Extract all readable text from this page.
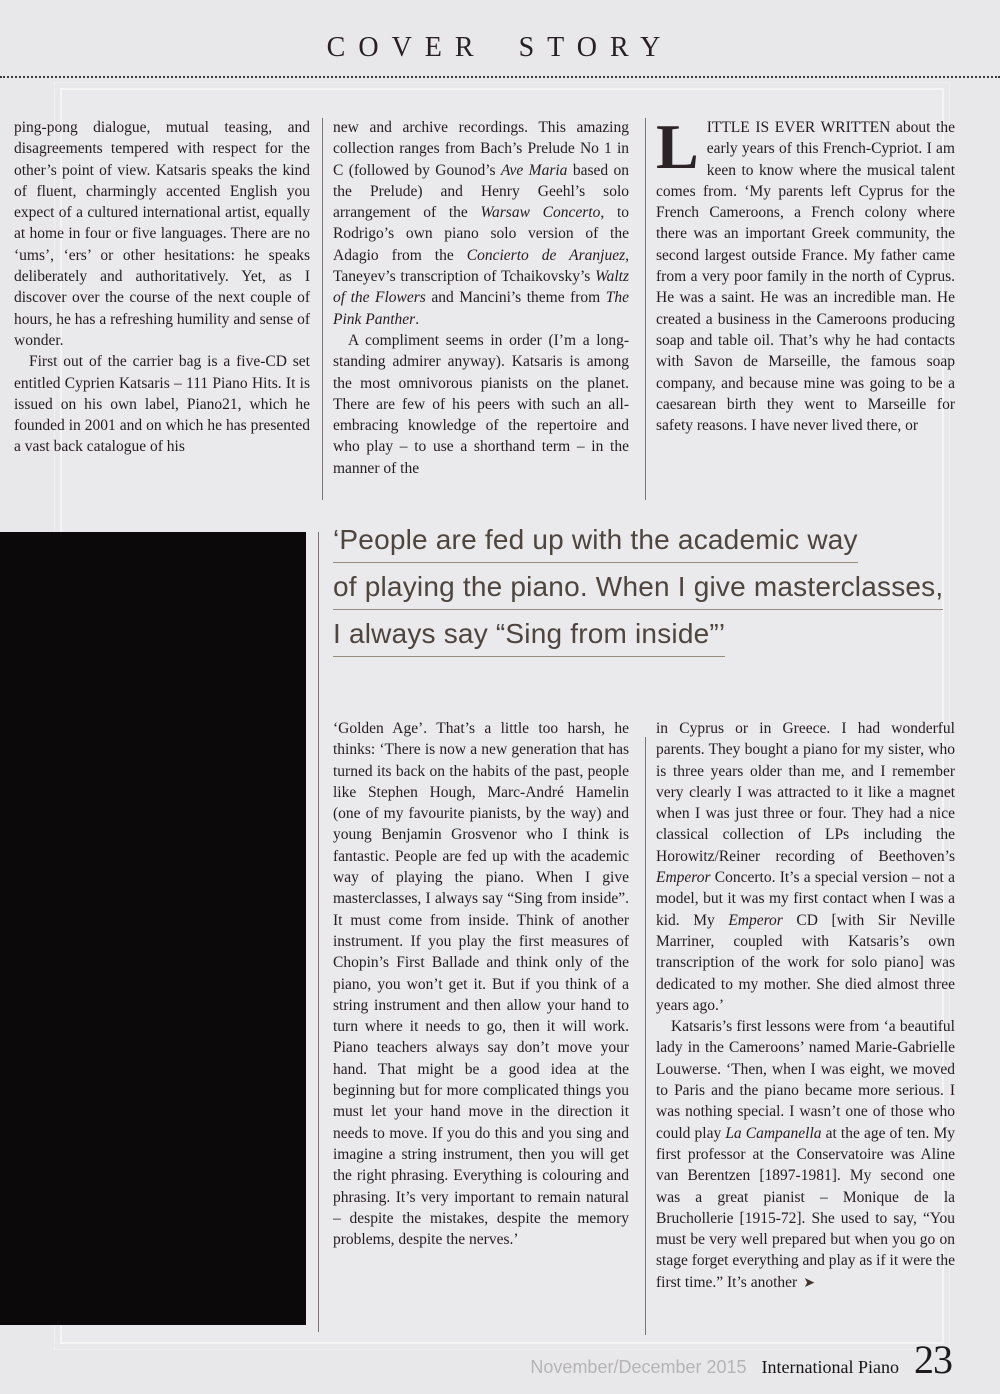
COVER STORY

ping-pong dialogue, mutual teasing, and disagreements tempered with respect for the other’s point of view. Katsaris speaks the kind of fluent, charmingly accented English you expect of a cultured international artist, equally at home in four or five languages. There are no ‘ums’, ‘ers’ or other hesitations: he speaks deliberately and authoritatively. Yet, as I discover over the course of the next couple of hours, he has a refreshing humility and sense of wonder.

First out of the carrier bag is a five-CD set entitled Cyprien Katsaris – 111 Piano Hits. It is issued on his own label, Piano21, which he founded in 2001 and on which he has presented a vast back catalogue of his

new and archive recordings. This amazing collection ranges from Bach’s Prelude No 1 in C (followed by Gounod’s Ave Maria based on the Prelude) and Henry Geehl’s solo arrangement of the Warsaw Concerto, to Rodrigo’s own piano solo version of the Adagio from the Concierto de Aranjuez, Taneyev’s transcription of Tchaikovsky’s Waltz of the Flowers and Mancini’s theme from The Pink Panther.

A compliment seems in order (I’m a long-standing admirer anyway). Katsaris is among the most omnivorous pianists on the planet. There are few of his peers with such an all-embracing knowledge of the repertoire and who play – to use a shorthand term – in the manner of the

LITTLE IS EVER WRITTEN about the early years of this French-Cypriot. I am keen to know where the musical talent comes from. ‘My parents left Cyprus for the French Cameroons, a French colony where there was an important Greek community, the second largest outside France. My father came from a very poor family in the north of Cyprus. He was a saint. He was an incredible man. He created a business in the Cameroons producing soap and table oil. That’s why he had contacts with Savon de Marseille, the famous soap company, and because mine was going to be a caesarean birth they went to Marseille for safety reasons. I have never lived there, or

‘People are fed up with the academic way
of playing the piano. When I give masterclasses,
I always say “Sing from inside”’

‘Golden Age’. That’s a little too harsh, he thinks: ‘There is now a new generation that has turned its back on the habits of the past, people like Stephen Hough, Marc-André Hamelin (one of my favourite pianists, by the way) and young Benjamin Grosvenor who I think is fantastic. People are fed up with the academic way of playing the piano. When I give masterclasses, I always say “Sing from inside”. It must come from inside. Think of another instrument. If you play the first measures of Chopin’s First Ballade and think only of the piano, you won’t get it. But if you think of a string instrument and then allow your hand to turn where it needs to go, then it will work. Piano teachers always say don’t move your hand. That might be a good idea at the beginning but for more complicated things you must let your hand move in the direction it needs to move. If you do this and you sing and imagine a string instrument, then you will get the right phrasing. Everything is colouring and phrasing. It’s very important to remain natural – despite the mistakes, despite the memory problems, despite the nerves.’

in Cyprus or in Greece. I had wonderful parents. They bought a piano for my sister, who is three years older than me, and I remember very clearly I was attracted to it like a magnet when I was just three or four. They had a nice classical collection of LPs including the Horowitz/Reiner recording of Beethoven’s Emperor Concerto. It’s a special version – not a model, but it was my first contact when I was a kid. My Emperor CD [with Sir Neville Marriner, coupled with Katsaris’s own transcription of the work for solo piano] was dedicated to my mother. She died almost three years ago.’

Katsaris’s first lessons were from ‘a beautiful lady in the Cameroons’ named Marie-Gabrielle Louwerse. ‘Then, when I was eight, we moved to Paris and the piano became more serious. I was nothing special. I wasn’t one of those who could play La Campanella at the age of ten. My first professor at the Conservatoire was Aline van Berentzen [1897-1981]. My second one was a great pianist – Monique de la Bruchollerie [1915-72]. She used to say, “You must be very well prepared but when you go on stage forget everything and play as if it were the first time.” It’s another ➤

November/December 2015 International Piano 23
